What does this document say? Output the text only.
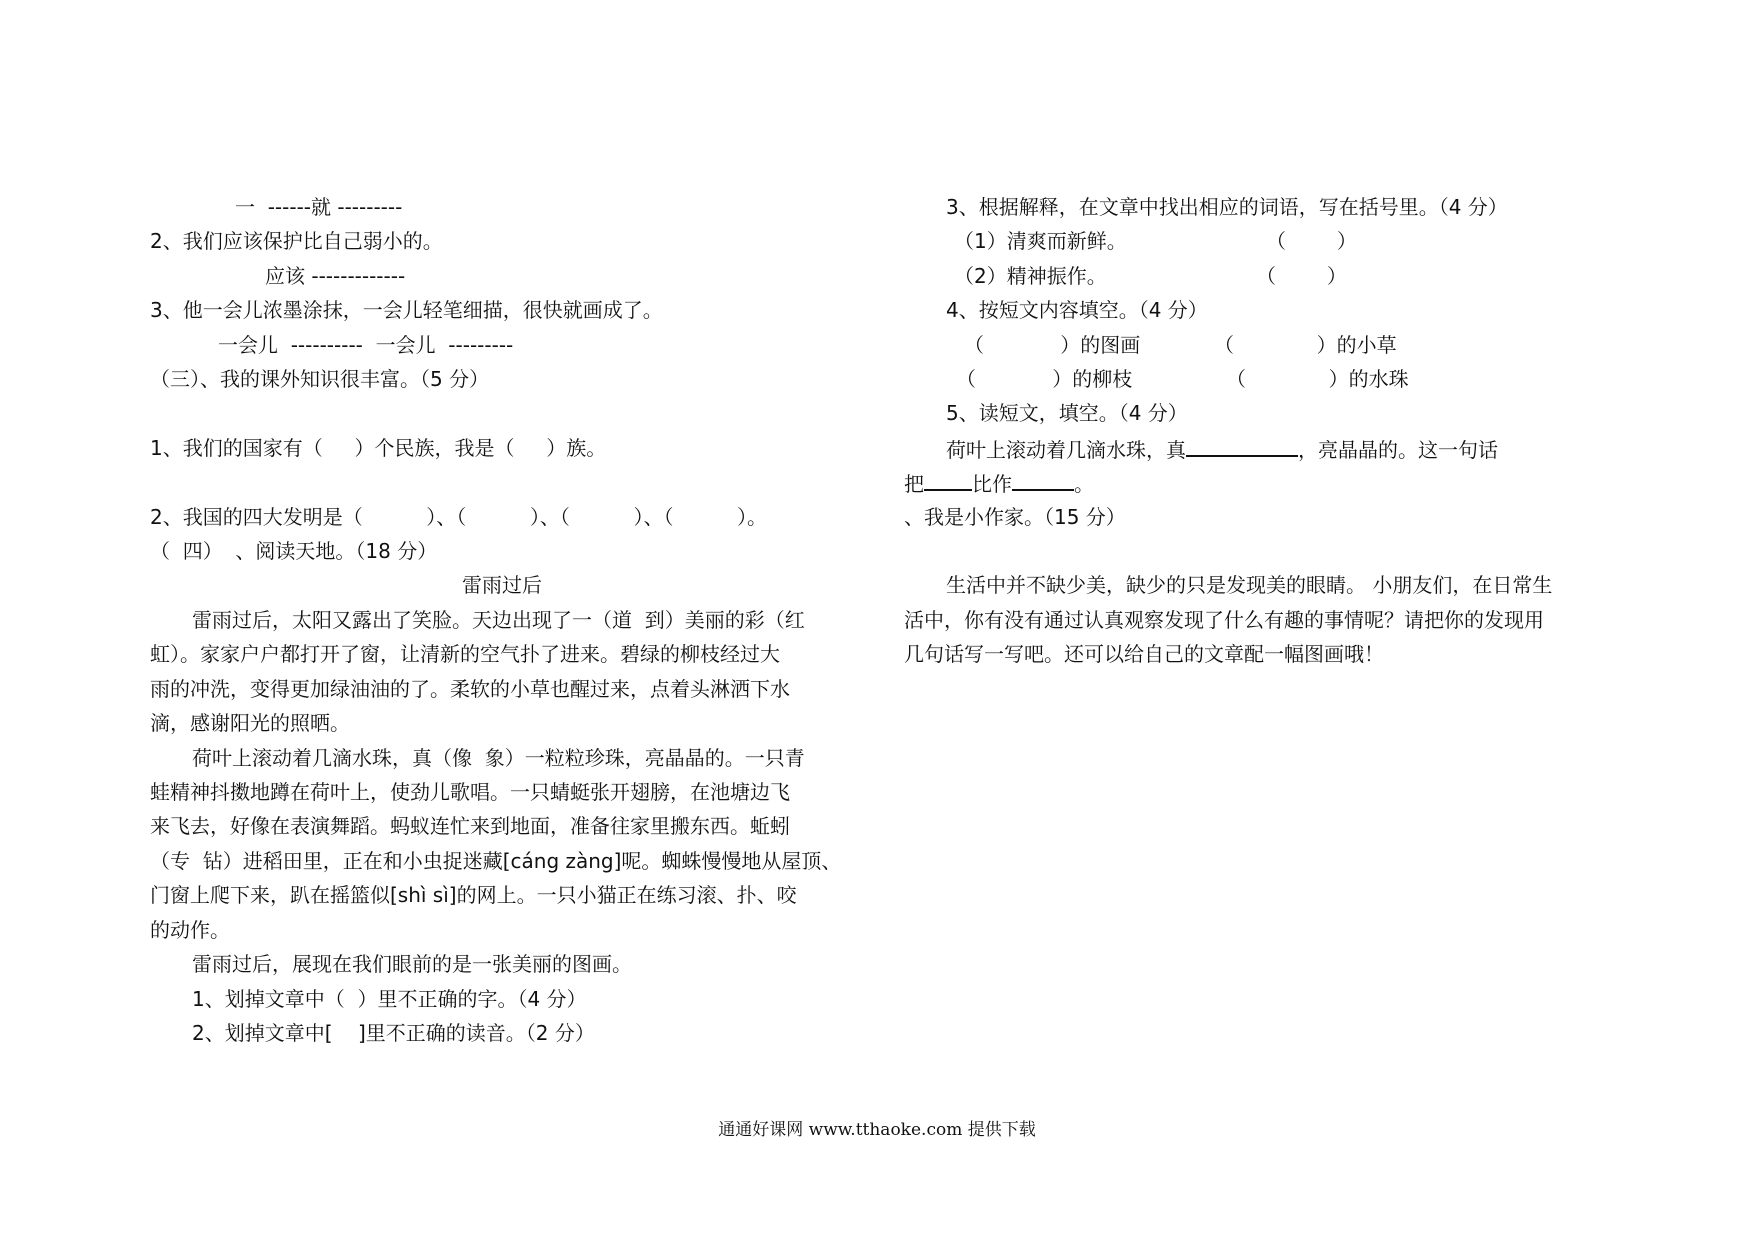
一  ------就 ---------
2、我们应该保护比自己弱小的。
应该 -------------
3、他一会儿浓墨涂抹，一会儿轻笔细描，很快就画成了。
一会儿  ----------  一会儿  ---------
（三）、我的课外知识很丰富。（5 分）
1、我们的国家有（     ）个民族，我是（     ）族。
2、我国的四大发明是（          ）、（          ）、（          ）、（          ）。
（  四）  、阅读天地。（18 分）
雷雨过后
雷雨过后，太阳又露出了笑脸。天边出现了一（道  到）美丽的彩（红
虹）。家家户户都打开了窗，让清新的空气扑了进来。碧绿的柳枝经过大
雨的冲洗，变得更加绿油油的了。柔软的小草也醒过来，点着头淋洒下水
滴，感谢阳光的照晒。
荷叶上滚动着几滴水珠，真（像  象）一粒粒珍珠，亮晶晶的。一只青
蛙精神抖擞地蹲在荷叶上，使劲儿歌唱。一只蜻蜓张开翅膀，在池塘边飞
来飞去，好像在表演舞蹈。蚂蚁连忙来到地面，准备往家里搬东西。蚯蚓
（专  钻）进稻田里，正在和小虫捉迷藏[cáng zàng]呢。蜘蛛慢慢地从屋顶、
门窗上爬下来，趴在摇篮似[shì sì]的网上。一只小猫正在练习滚、扑、咬
的动作。
雷雨过后，展现在我们眼前的是一张美丽的图画。
1、划掉文章中（  ）里不正确的字。（4 分）
2、划掉文章中[    ]里不正确的读音。（2 分）
3、根据解释，在文章中找出相应的词语，写在括号里。（4 分）
（1）清爽而新鲜。	（        ）
（2）精神振作。	（        ）
4、按短文内容填空。（4 分）
（            ）的图画	（             ）的小草
（            ）的柳枝	（             ）的水珠
5、读短文，填空。（4 分）
荷叶上滚动着几滴水珠，真	，亮晶晶的。这一句话
把 比作	。
、我是小作家。（15 分）
生活中并不缺少美，缺少的只是发现美的眼睛。 小朋友们，在日常生
活中，你有没有通过认真观察发现了什么有趣的事情呢？请把你的发现用
几句话写一写吧。还可以给自己的文章配一幅图画哦！
通通好课网 www.tthaoke.com 提供下载
